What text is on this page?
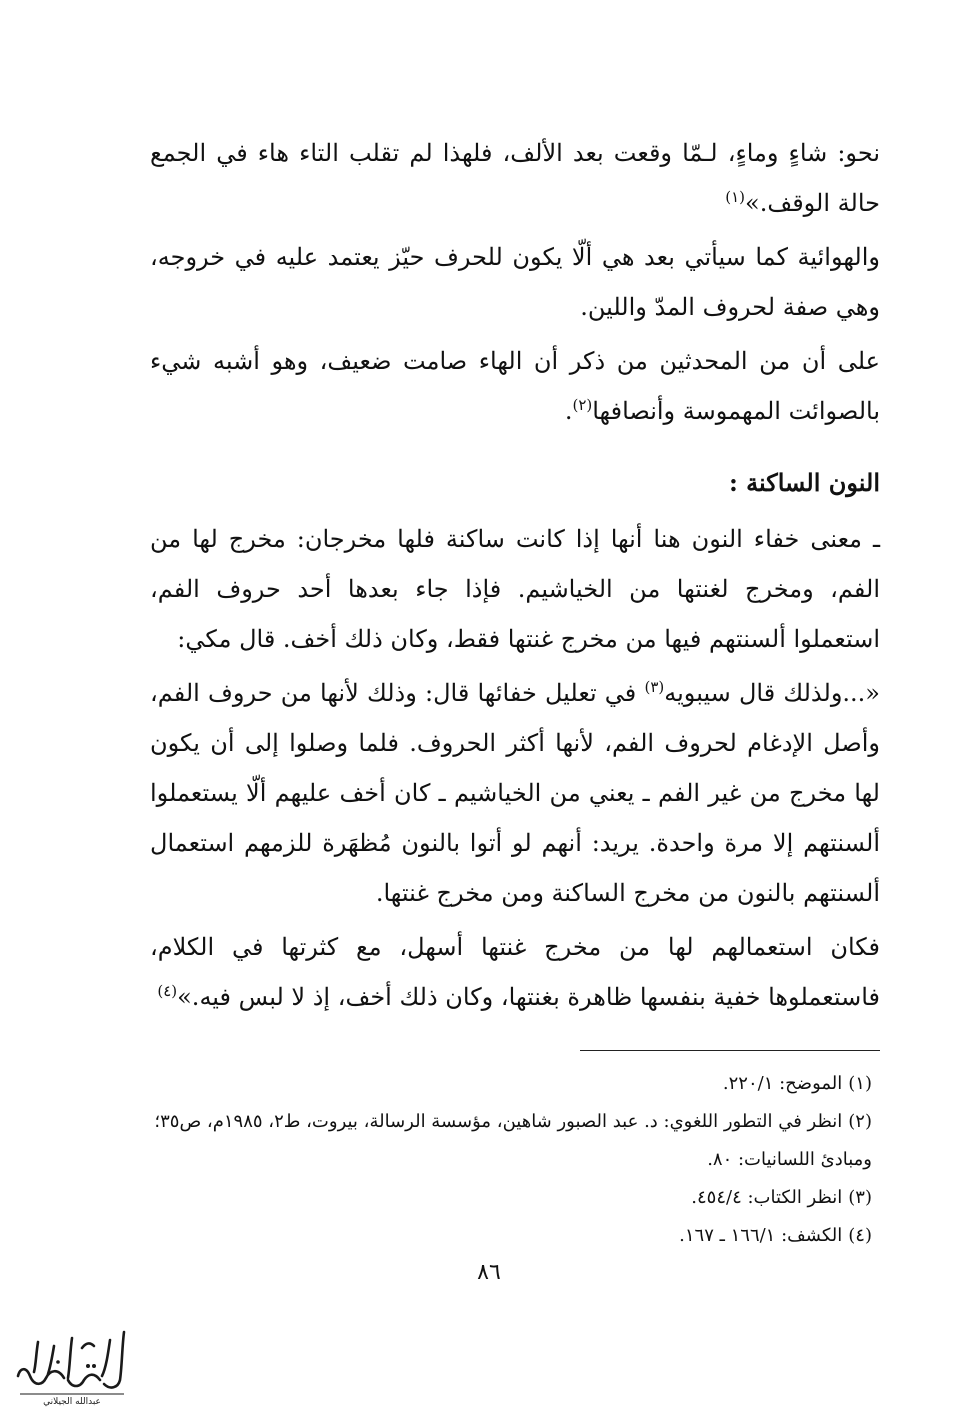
نحو: شاءٍ وماءٍ، لـمّا وقعت بعد الألف، فلهذا لم تقلب التاء هاء في الجمع حالة الوقف.»$^{(١)}$

والهوائية كما سيأتي بعد هي ألّا يكون للحرف حيّز يعتمد عليه في خروجه، وهي صفة لحروف المدّ واللين.

على أن من المحدثين من ذكر أن الهاء صامت ضعيف، وهو أشبه شيء بالصوائت المهموسة وأنصافها$^{(٢)}$.

النون الساكنة :

ـ معنى خفاء النون هنا أنها إذا كانت ساكنة فلها مخرجان: مخرج لها من الفم، ومخرج لغنتها من الخياشيم. فإذا جاء بعدها أحد حروف الفم، استعملوا ألسنتهم فيها من مخرج غنتها فقط، وكان ذلك أخف. قال مكي:

«...ولذلك قال سيبويه$^{(٣)}$ في تعليل خفائها قال: وذلك لأنها من حروف الفم، وأصل الإدغام لحروف الفم، لأنها أكثر الحروف. فلما وصلوا إلى أن يكون لها مخرج من غير الفم ـ يعني من الخياشيم ـ كان أخف عليهم ألّا يستعملوا ألسنتهم إلا مرة واحدة. يريد: أنهم لو أتوا بالنون مُظهَرة للزمهم استعمال ألسنتهم بالنون من مخرج الساكنة ومن مخرج غنتها.

فكان استعمالهم لها من مخرج غنتها أسهل، مع كثرتها في الكلام، فاستعملوها خفية بنفسها ظاهرة بغنتها، وكان ذلك أخف، إذ لا لبس فيه.»$^{(٤)}$

(١)الموضح: ٢٢٠/١.

(٢)انظر في التطور اللغوي: د. عبد الصبور شاهين، مؤسسة الرسالة، بيروت، ط٢، ١٩٨٥م، ص٣٥؛ ومبادئ اللسانيات: ٨٠.

(٣)انظر الكتاب: ٤٥٤/٤.

(٤)الكشف: ١٦٦/١ ـ ١٦٧.

٨٦
عبدالله الجيلاني
